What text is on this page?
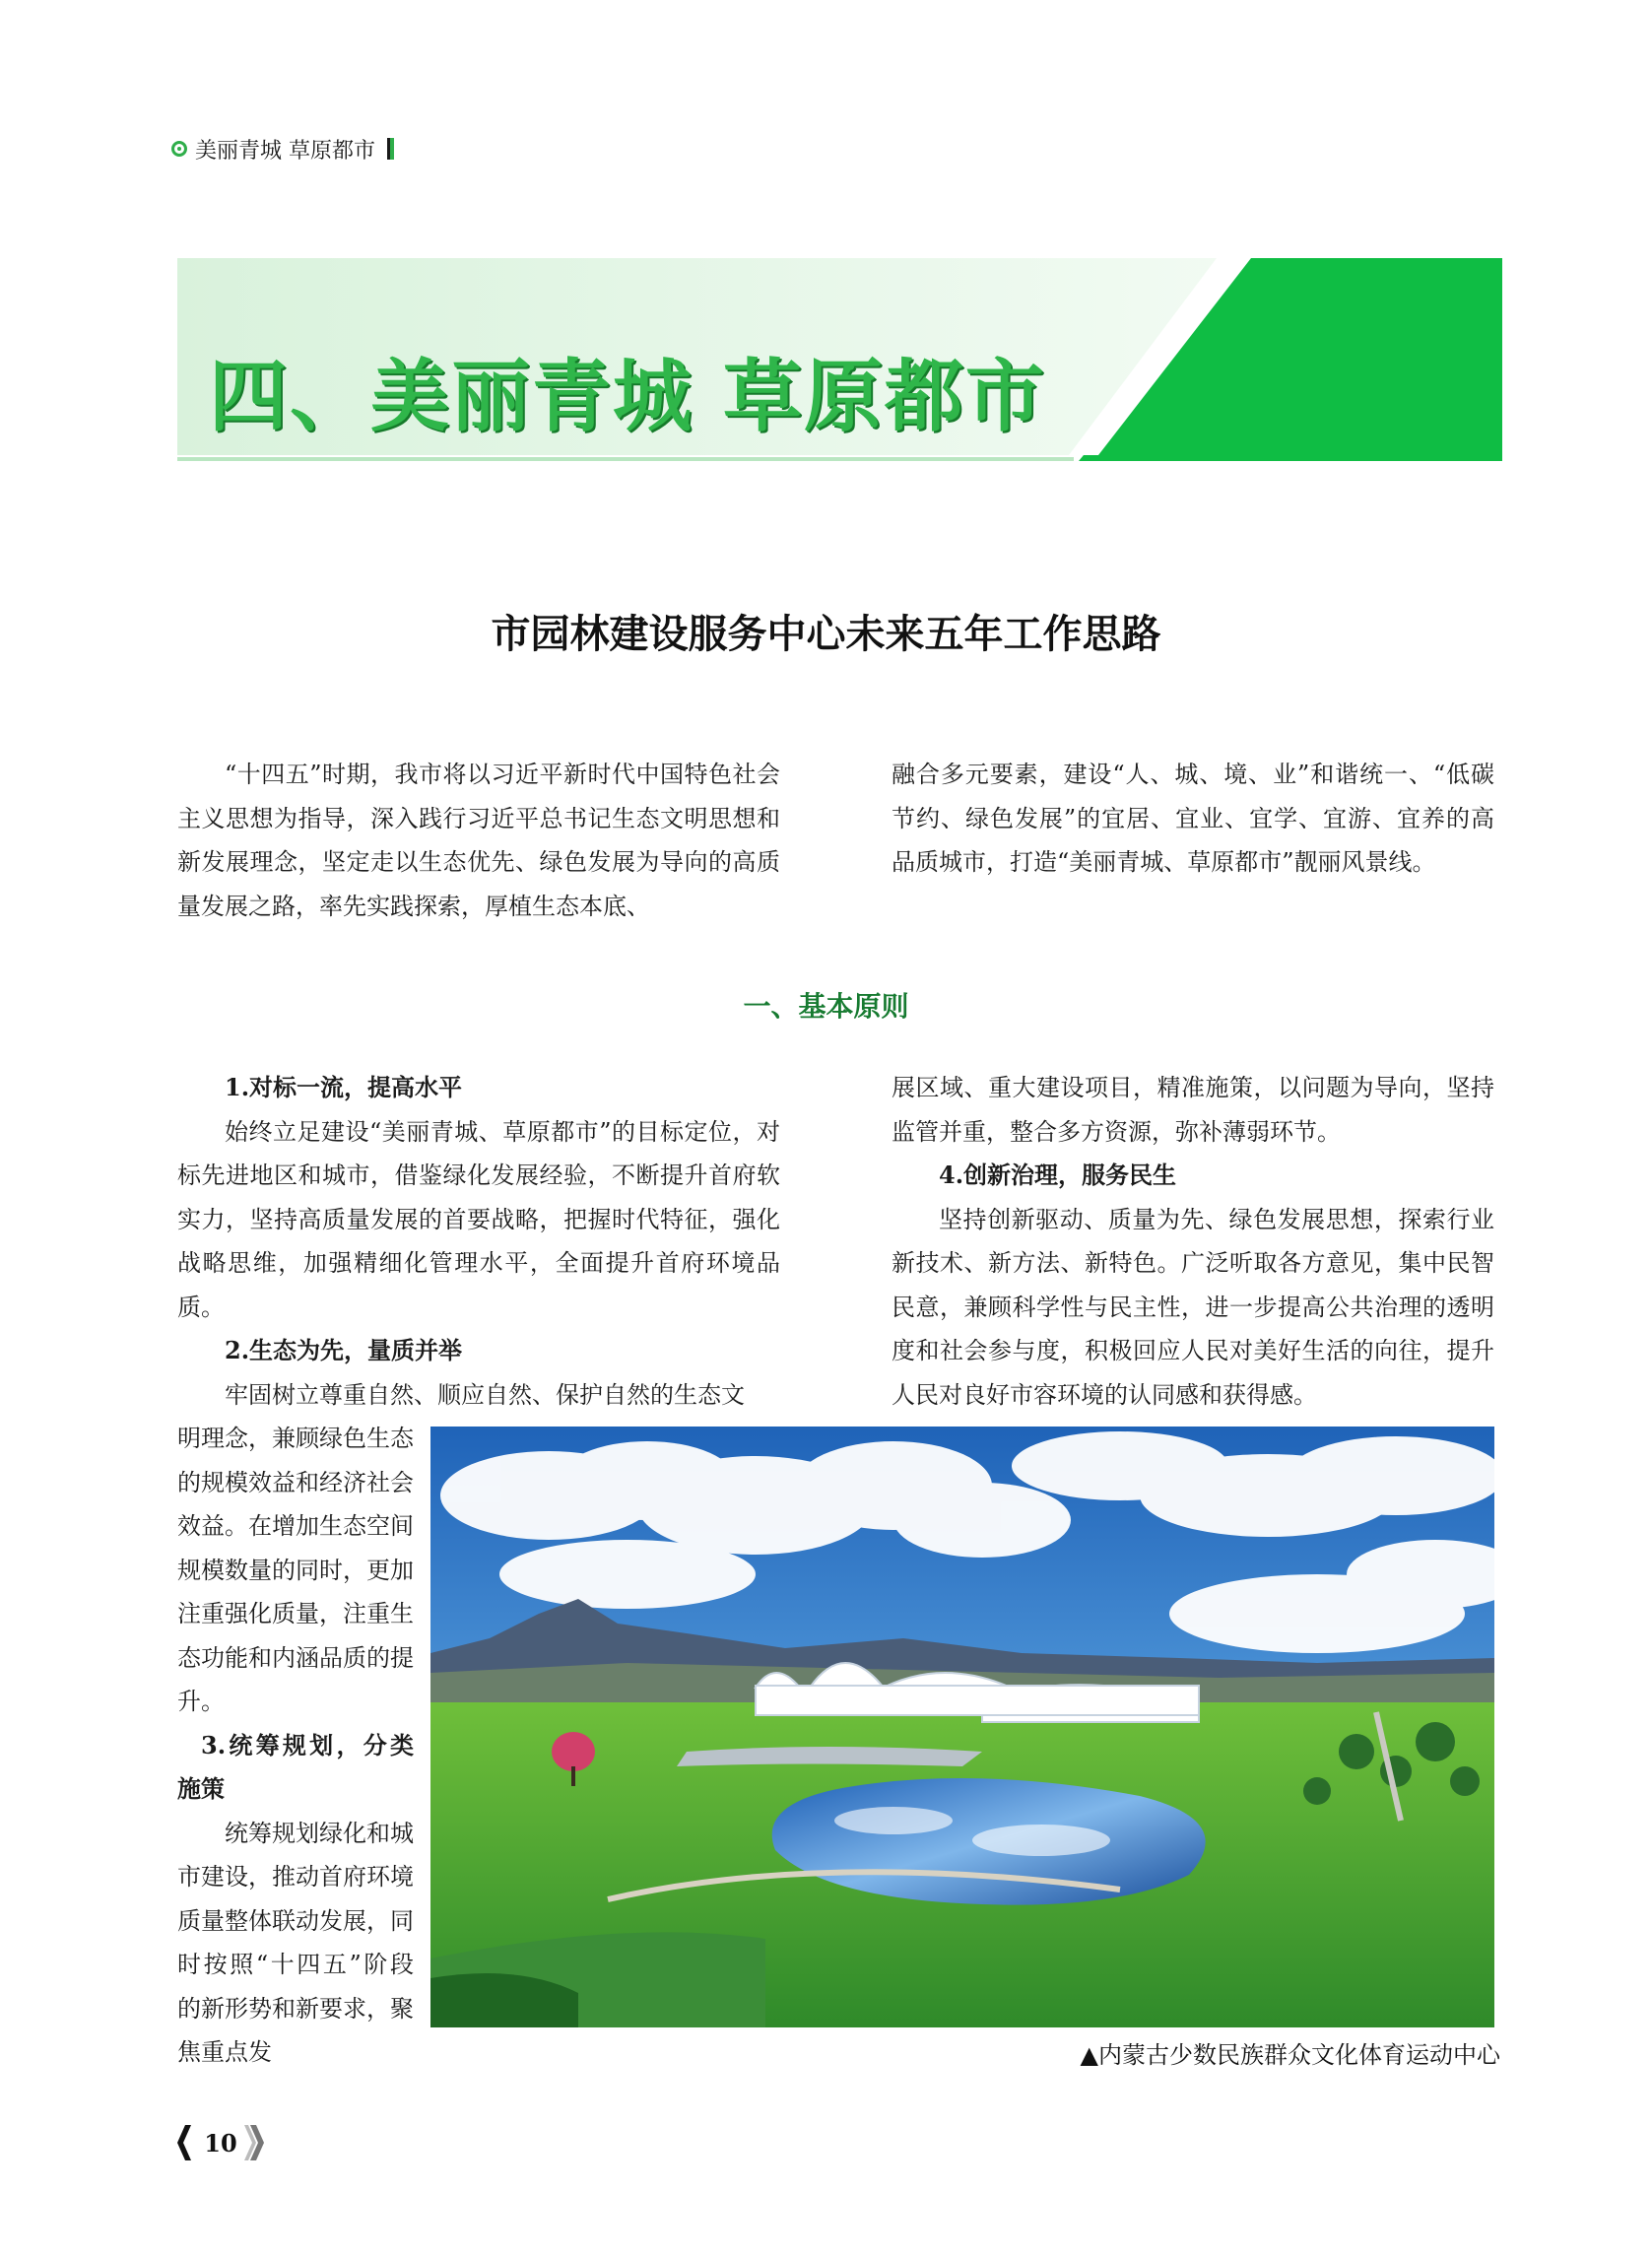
美丽青城 草原都市
四、美丽青城 草原都市
市园林建设服务中心未来五年工作思路

“十四五”时期，我市将以习近平新时代中国特色社会主义思想为指导，深入践行习近平总书记生态文明思想和新发展理念，坚定走以生态优先、绿色发展为导向的高质量发展之路，率先实践探索，厚植生态本底、

融合多元要素，建设“人、城、境、业”和谐统一、“低碳节约、绿色发展”的宜居、宜业、宜学、宜游、宜养的高品质城市，打造“美丽青城、草原都市”靓丽风景线。

一、基本原则
1.对标一流，提高水平

始终立足建设“美丽青城、草原都市”的目标定位，对标先进地区和城市，借鉴绿化发展经验，不断提升首府软实力，坚持高质量发展的首要战略，把握时代特征，强化战略思维，加强精细化管理水平，全面提升首府环境品质。

2.生态为先，量质并举

牢固树立尊重自然、顺应自然、保护自然的生态文

明理念，兼顾绿色生态的规模效益和经济社会效益。在增加生态空间规模数量的同时，更加注重强化质量，注重生态功能和内涵品质的提升。

3.统筹规划，分类施策

统筹规划绿化和城市建设，推动首府环境质量整体联动发展，同时按照“十四五”阶段的新形势和新要求，聚焦重点发

展区域、重大建设项目，精准施策，以问题为导向，坚持监管并重，整合多方资源，弥补薄弱环节。

4.创新治理，服务民生

坚持创新驱动、质量为先、绿色发展思想，探索行业新技术、新方法、新特色。广泛听取各方意见，集中民智民意，兼顾科学性与民主性，进一步提高公共治理的透明度和社会参与度，积极回应人民对美好生活的向往，提升人民对良好市容环境的认同感和获得感。

▲内蒙古少数民族群众文化体育运动中心
10
